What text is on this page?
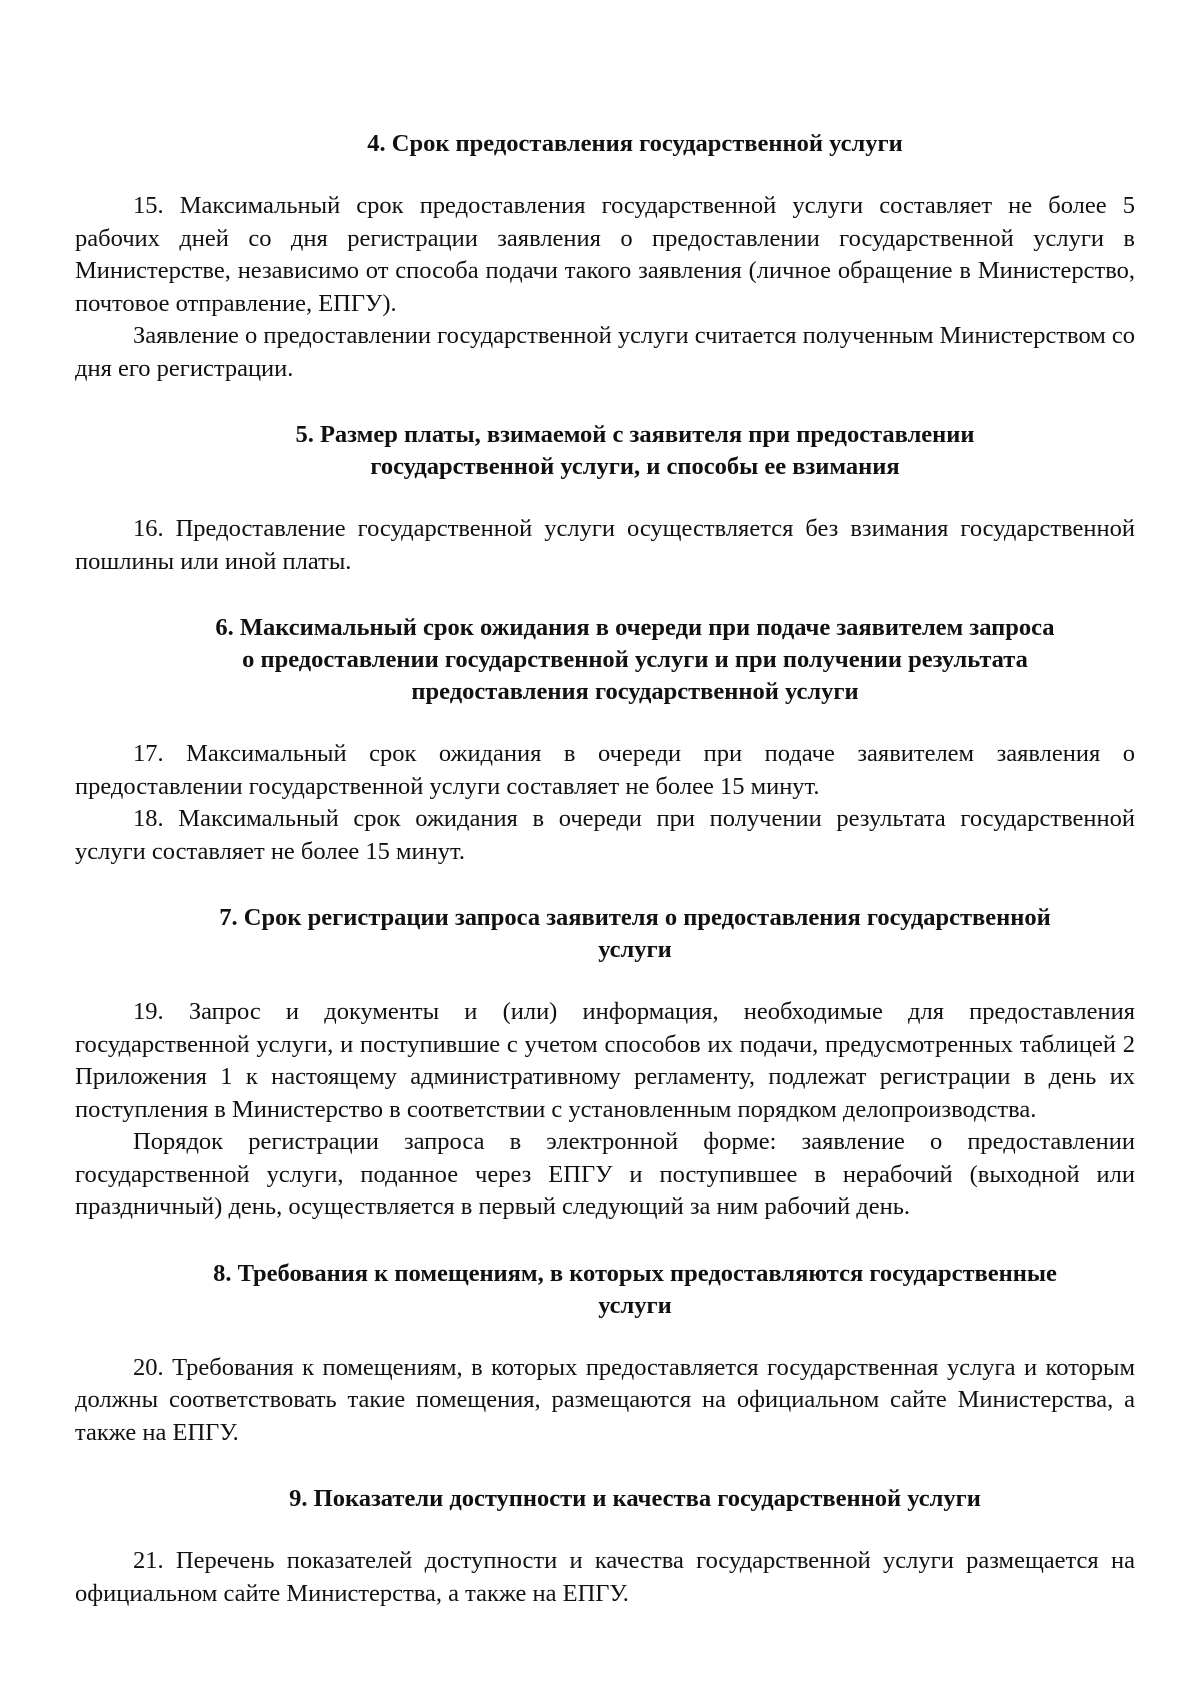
4. Срок предоставления государственной услуги

15. Максимальный срок предоставления государственной услуги составляет не более 5 рабочих дней со дня регистрации заявления о предоставлении государственной услуги в Министерстве, независимо от способа подачи такого заявления (личное обращение в Министерство, почтовое отправление, ЕПГУ).

Заявление о предоставлении государственной услуги считается полученным Министерством со дня его регистрации.

5. Размер платы, взимаемой с заявителя при предоставлении
государственной услуги, и способы ее взимания

16. Предоставление государственной услуги осуществляется без взимания государственной пошлины или иной платы.

6. Максимальный срок ожидания в очереди при подаче заявителем запроса
о предоставлении государственной услуги и при получении результата
предоставления государственной услуги

17. Максимальный срок ожидания в очереди при подаче заявителем заявления о предоставлении государственной услуги составляет не более 15 минут.

18. Максимальный срок ожидания в очереди при получении результата государственной услуги составляет не более 15 минут.

7. Срок регистрации запроса заявителя о предоставления государственной
услуги

19. Запрос и документы и (или) информация, необходимые для предоставления государственной услуги, и поступившие с учетом способов их подачи, предусмотренных таблицей 2 Приложения 1 к настоящему административному регламенту, подлежат регистрации в день их поступления в Министерство в соответствии с установленным порядком делопроизводства.

Порядок регистрации запроса в электронной форме: заявление о предоставлении государственной услуги, поданное через ЕПГУ и поступившее в нерабочий (выходной или праздничный) день, осуществляется в первый следующий за ним рабочий день.

8. Требования к помещениям, в которых предоставляются государственные
услуги

20. Требования к помещениям, в которых предоставляется государственная услуга и которым должны соответствовать такие помещения, размещаются на официальном сайте Министерства, а также на ЕПГУ.

9. Показатели доступности и качества государственной услуги

21. Перечень показателей доступности и качества государственной услуги размещается на официальном сайте Министерства, а также на ЕПГУ.
